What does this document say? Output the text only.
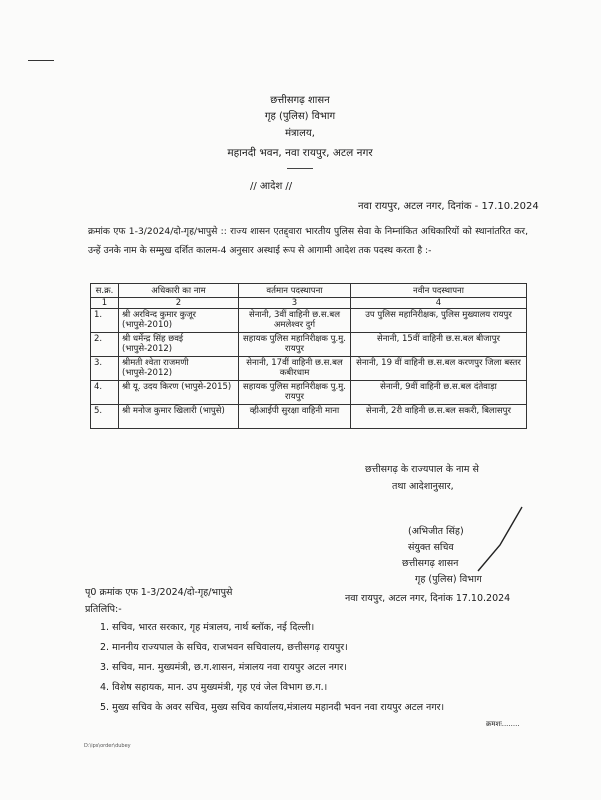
छत्तीसगढ़ शासन
गृह (पुलिस) विभाग
मंत्रालय,
महानदी भवन, नवा रायपुर, अटल नगर
// आदेश //
नवा रायपुर, अटल नगर, दिनांक - 17.10.2024
क्रमांक एफ 1-3/2024/दो-गृह/भापुसे :: राज्य शासन एतद्द्वारा भारतीय पुलिस सेवा के निम्नांकित अधिकारियों को स्थानांतरित कर, उन्हें उनके नाम के सम्मुख दर्शित कालम-4 अनुसार अस्थाई रूप से आगामी आदेश तक पदस्थ करता है :-
स.क्र.	अधिकारी का नाम	वर्तमान पदस्थापना	नवीन पदस्थापना
1	2	3	4
1.	श्री अरविन्द कुमार कुजूर (भापुसे-2010)	सेनानी, 3वीं वाहिनी छ.स.बल अमलेश्वर दुर्ग	उप पुलिस महानिरीक्षक, पुलिस मुख्यालय रायपुर
2.	श्री धर्मेन्द्र सिंह छवई (भापुसे-2012)	सहायक पुलिस महानिरीक्षक पु.मु. रायपुर	सेनानी, 15वीं वाहिनी छ.स.बल बीजापुर
3.	श्रीमती श्वेता राजमणी (भापुसे-2012)	सेनानी, 17वीं वाहिनी छ.स.बल कबीरधाम	सेनानी, 19 वीं वाहिनी छ.स.बल करणपुर जिला बस्तर
4.	श्री यू. उदय किरण (भापुसे-2015)	सहायक पुलिस महानिरीक्षक पु.मु. रायपुर	सेनानी, 9वीं वाहिनी छ.स.बल दंतेवाड़ा
5.	श्री मनोज कुमार खिलारी (भापुसे)	व्हीआईपी सुरक्षा वाहिनी माना	सेनानी, 2री वाहिनी छ.स.बल सकरी, बिलासपुर
छत्तीसगढ़ के राज्यपाल के नाम से
तथा आदेशानुसार,
(अभिजीत सिंह)
संयुक्त सचिव
छत्तीसगढ़ शासन
गृह (पुलिस) विभाग
पृ0 क्रमांक एफ 1-3/2024/दो-गृह/भापुसे
नवा रायपुर, अटल नगर, दिनांक 17.10.2024
प्रतिलिपि:-
1. सचिव, भारत सरकार, गृह मंत्रालय, नार्थ ब्लॉक, नई दिल्ली।
2. माननीय राज्यपाल के सचिव, राजभवन सचिवालय, छत्तीसगढ़ रायपुर।
3. सचिव, मान. मुख्यमंत्री, छ.ग.शासन, मंत्रालय नवा रायपुर अटल नगर।
4. विशेष सहायक, मान. उप मुख्यमंत्री, गृह एवं जेल विभाग छ.ग.।
5. मुख्य सचिव के अवर सचिव, मुख्य सचिव कार्यालय,मंत्रालय महानदी भवन नवा रायपुर अटल नगर।
क्रमशः........
D:\ips\order\dubey
